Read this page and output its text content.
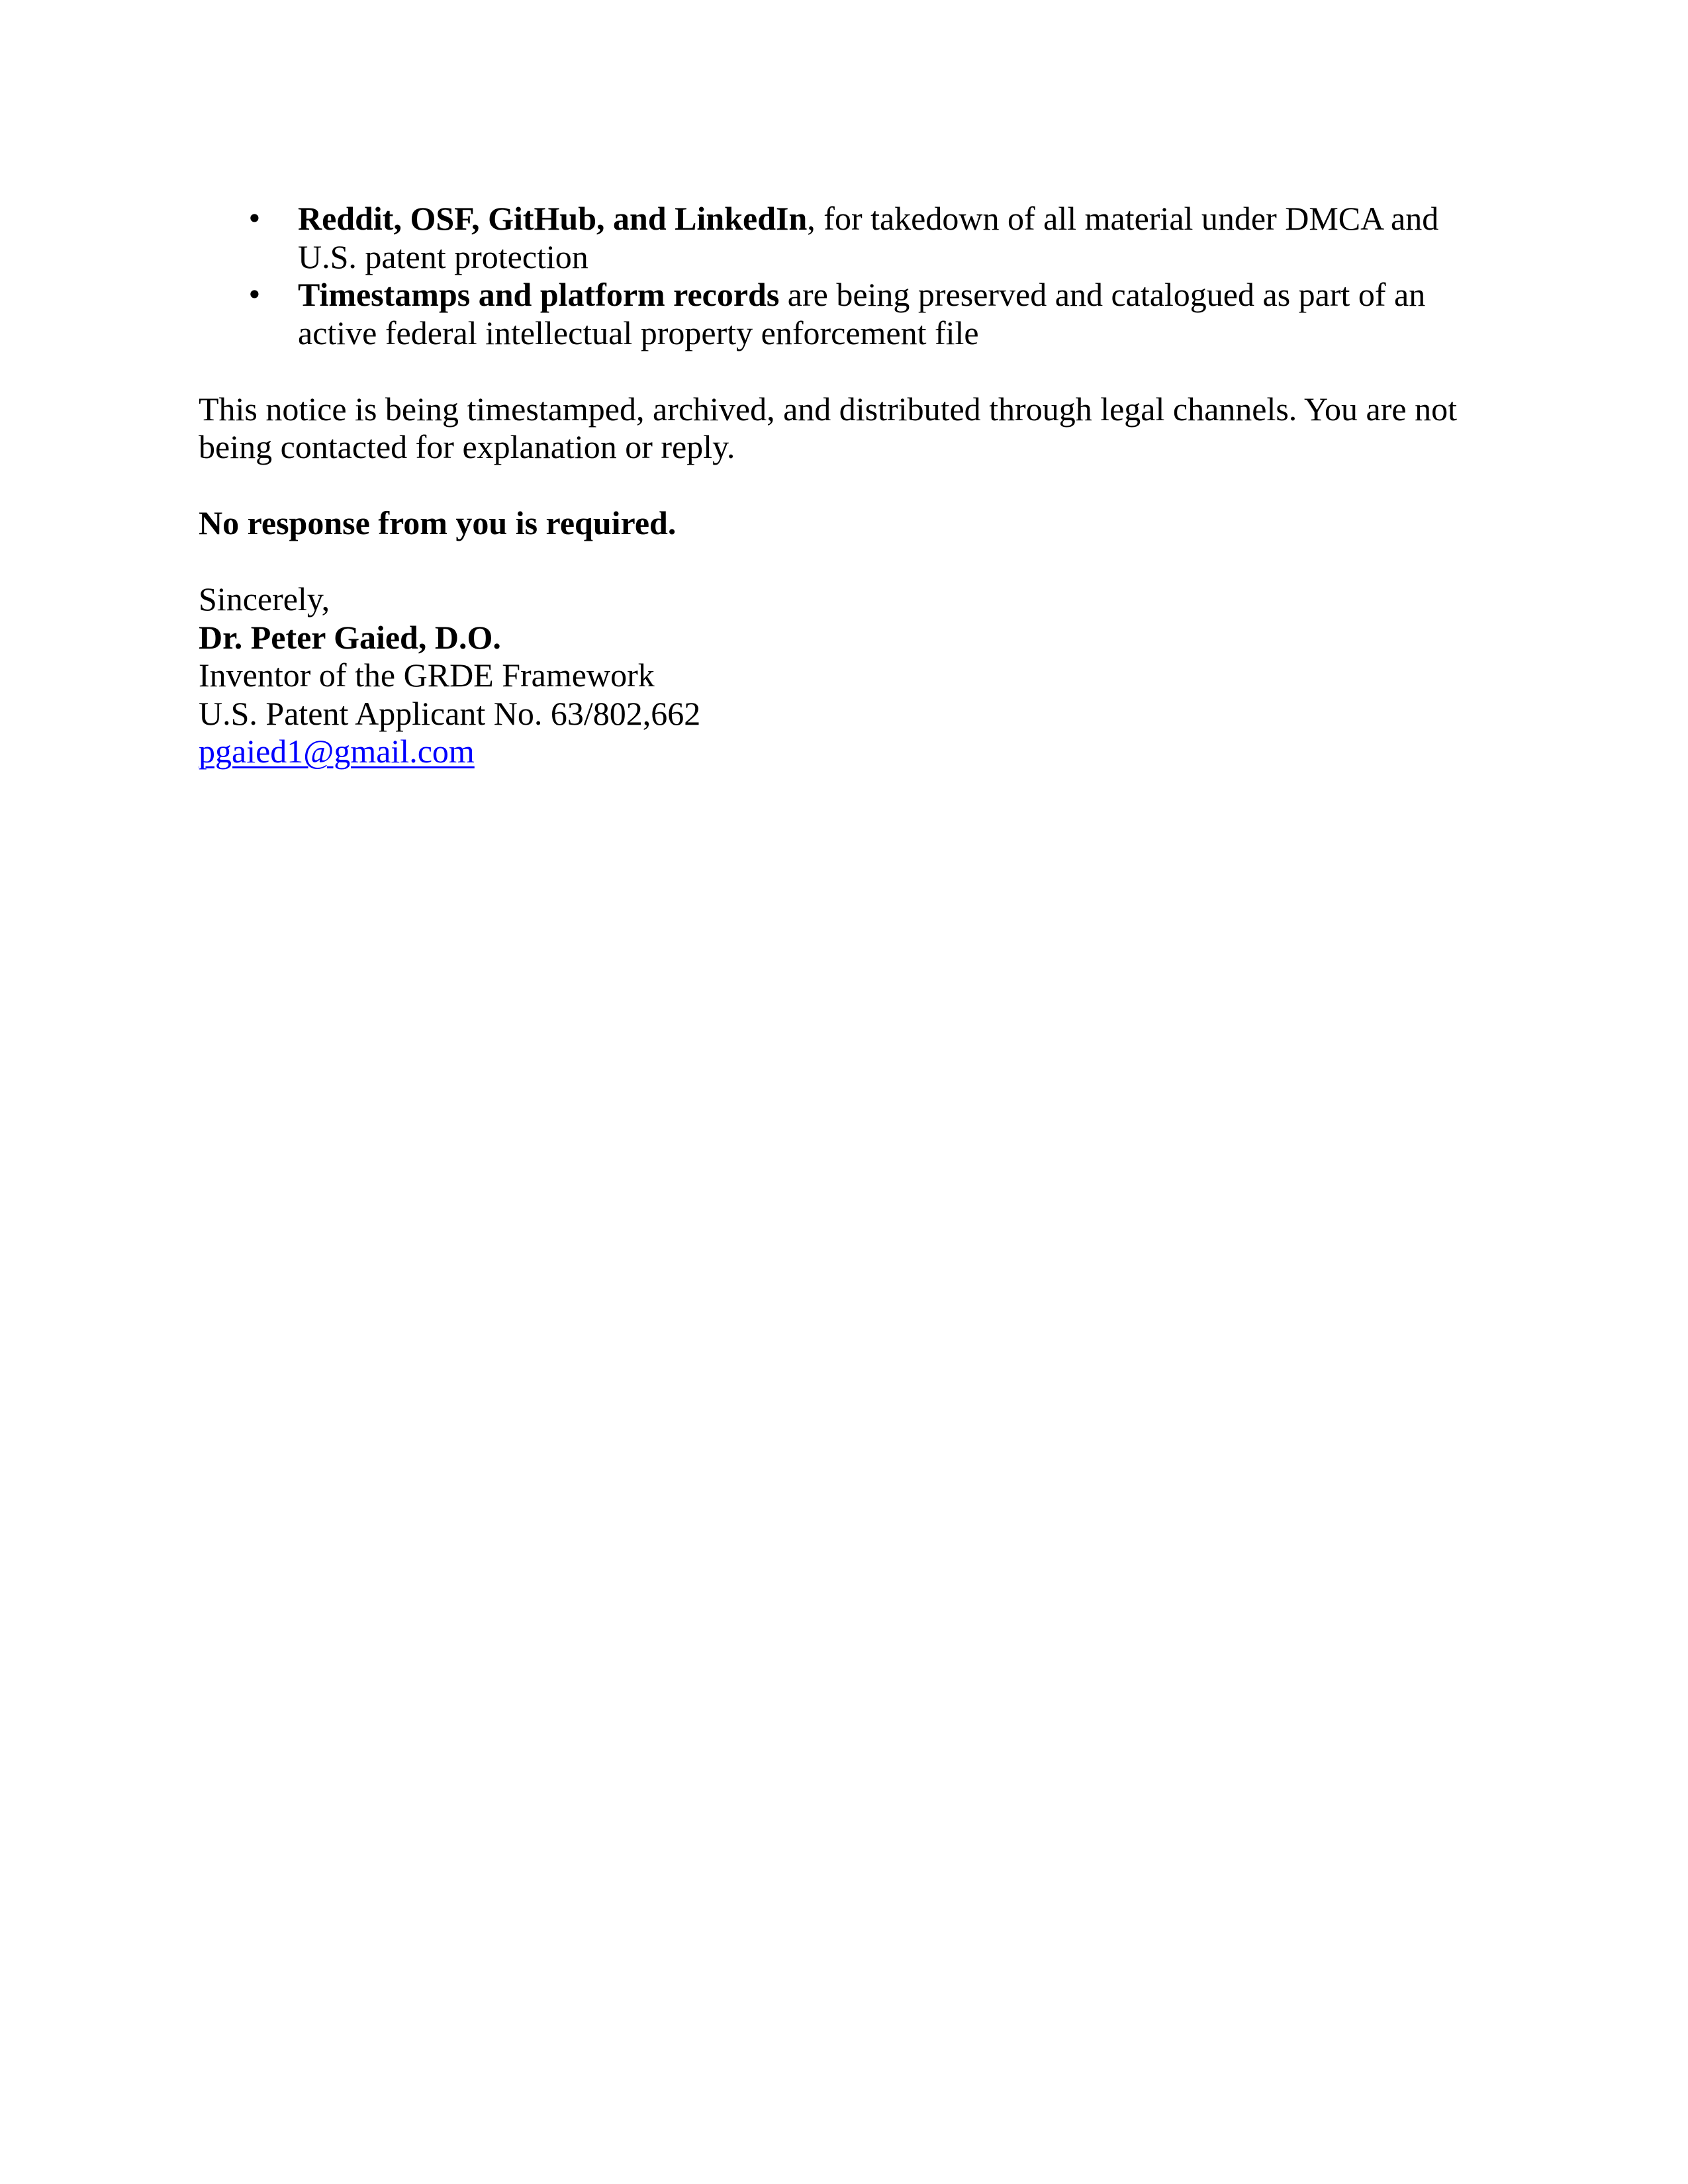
• Reddit, OSF, GitHub, and LinkedIn, for takedown of all material under DMCA and U.S. patent protection
• Timestamps and platform records are being preserved and catalogued as part of an active federal intellectual property enforcement file

This notice is being timestamped, archived, and distributed through legal channels. You are not being contacted for explanation or reply.

No response from you is required.

Sincerely,
Dr. Peter Gaied, D.O.
Inventor of the GRDE Framework
U.S. Patent Applicant No. 63/802,662
pgaied1@gmail.com
